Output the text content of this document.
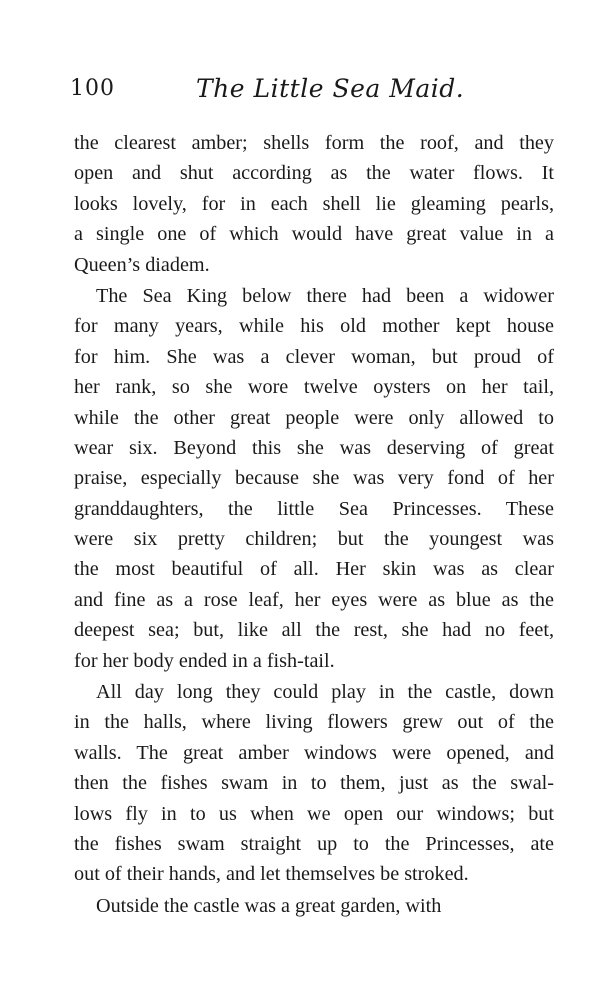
100	The Little Sea Maid.
the clearest amber; shells form the roof, and they
open and shut according as the water flows. It
looks lovely, for in each shell lie gleaming pearls,
a single one of which would have great value in a
Queen’s diadem.
The Sea King below there had been a widower
for many years, while his old mother kept house
for him. She was a clever woman, but proud of
her rank, so she wore twelve oysters on her tail,
while the other great people were only allowed to
wear six. Beyond this she was deserving of great
praise, especially because she was very fond of her
granddaughters, the little Sea Princesses. These
were six pretty children; but the youngest was
the most beautiful of all. Her skin was as clear
and fine as a rose leaf, her eyes were as blue as the
deepest sea; but, like all the rest, she had no feet,
for her body ended in a fish-tail.
All day long they could play in the castle, down
in the halls, where living flowers grew out of the
walls. The great amber windows were opened, and
then the fishes swam in to them, just as the swal-
lows fly in to us when we open our windows; but
the fishes swam straight up to the Princesses, ate
out of their hands, and let themselves be stroked.
Outside the castle was a great garden, with
